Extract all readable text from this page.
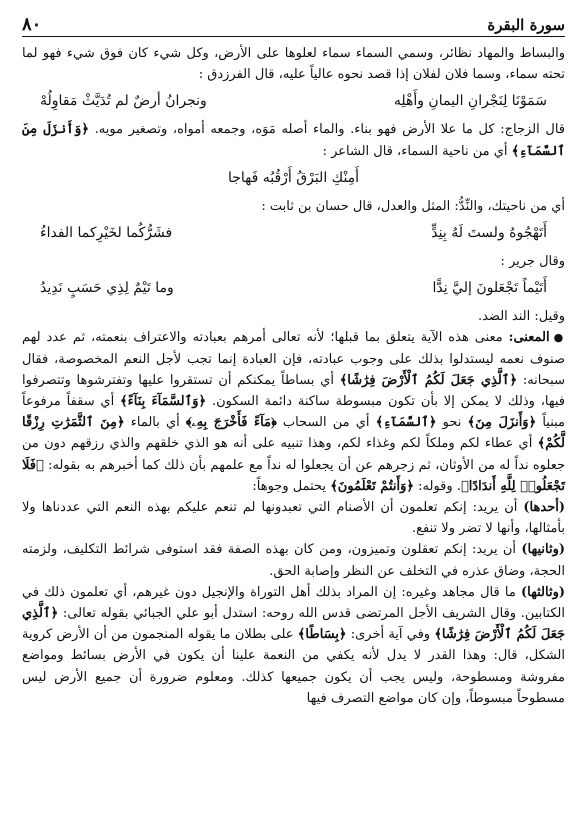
سورة البقرة
٨٠

والبساط والمهاد نظائر، وسمي السماء سماء لعلوها على الأرض، وكل شيء كان فوق شيء فهو لما تحته سماء، وسما فلان لفلان إذا قصد نحوه عالياً عليه، قال الفرزدق :

سَمَوْنَا لِنَجْرانِ اليمانِ وأَهْلِه
ونجرانُ أرضٌ لم تُدَيَّثْ مَقاوِلُهْ

قال الزجاج: كل ما علا الأرض فهو بناء. والماء أصله مَوَه، وجمعه أمواه، وتصغير مويه. ﴿وَأَنزَلَ مِنَ ٱلسَّمَآءِ﴾ أي من ناحية السماء، قال الشاعر :

أَمِنْكِ البَرْقُ أَرْقُبُه فَهاجا

أي من ناحيتك، والنِّدُّ: المثل والعدل، قال حسان بن ثابت :

أَتَهْجُوهُ ولستَ لَهُ بِنِدٍّ
فشَرُّكُما لخَيْرِكما الفداءُ

وقال جرير :

أَتَيْماً تَجْعَلونَ إليَّ نِدًّا
وما تَيْمٌ لِذِي حَسَبٍ نَدِيدُ

وقيل: الند الضد.

●المعنى: معنى هذه الآية يتعلق بما قبلها؛ لأنه تعالى أمرهم بعبادته والاعتراف بنعمته، ثم عدد لهم صنوف نعمه ليستدلوا بذلك على وجوب عبادته، فإن العبادة إنما تجب لأجل النعم المخصوصة، فقال سبحانه: ﴿ٱلَّذِي جَعَلَ لَكُمُ ٱلْأَرْضَ فِرَٰشًا﴾ أي بساطاً يمكنكم أن تستقروا عليها وتفترشوها وتتصرفوا فيها، وذلك لا يمكن إلا بأن تكون مبسوطة ساكنة دائمة السكون. ﴿وَٱلسَّمَآءَ بِنَآءً﴾ أي سقفاً مرفوعاً مبنياً ﴿وَأَنزَلَ مِنَ﴾ نحو ﴿ٱلسَّمَآءِ﴾ أي من السحاب ﴿مَآءً فَأَخْرَجَ بِهِۦ﴾ أي بالماء ﴿مِنَ ٱلثَّمَرَٰتِ رِزْقًا لَّكُمْ﴾ أي عطاء لكم وملكاً لكم وغذاء لكم، وهذا تنبيه على أنه هو الذي خلقهم والذي رزقهم دون من جعلوه نداً له من الأوثان، ثم زجرهم عن أن يجعلوا له نداً مع علمهم بأن ذلك كما أخبرهم به بقوله: ﴿فَلَا تَجْعَلُوا۟ لِلَّهِ أَندَادًا﴾. وقوله: ﴿وَأَنتُمْ تَعْلَمُونَ﴾ يحتمل وجوهاً:

(أحدها) أن يريد: إنكم تعلمون أن الأصنام التي تعبدونها لم تنعم عليكم بهذه النعم التي عددناها ولا بأمثالها، وأنها لا تضر ولا تنفع.

(وثانيها) أن يريد: إنكم تعقلون وتميزون، ومن كان بهذه الصفة فقد استوفى شرائط التكليف، ولزمته الحجة، وضاق عذره في التخلف عن النظر وإصابة الحق.

(وثالثها) ما قال مجاهد وغيره: إن المراد بذلك أهل التوراة والإنجيل دون غيرهم، أي تعلمون ذلك في الكتابين. وقال الشريف الأجل المرتضى قدس الله روحه: استدل أبو علي الجبائي بقوله تعالى: ﴿ٱلَّذِي جَعَلَ لَكُمُ ٱلْأَرْضَ فِرَٰشًا﴾ وفي آية أخرى: ﴿بِسَاطًا﴾ على بطلان ما يقوله المنجمون من أن الأرض كروية الشكل، قال: وهذا القدر لا يدل لأنه يكفي من النعمة علينا أن يكون في الأرض بسائط ومواضع مفروشة ومسطوحة، وليس يجب أن يكون جميعها كذلك. ومعلوم ضرورة أن جميع الأرض ليس مسطوحاً مبسوطاً، وإن كان مواضع التصرف فيها
